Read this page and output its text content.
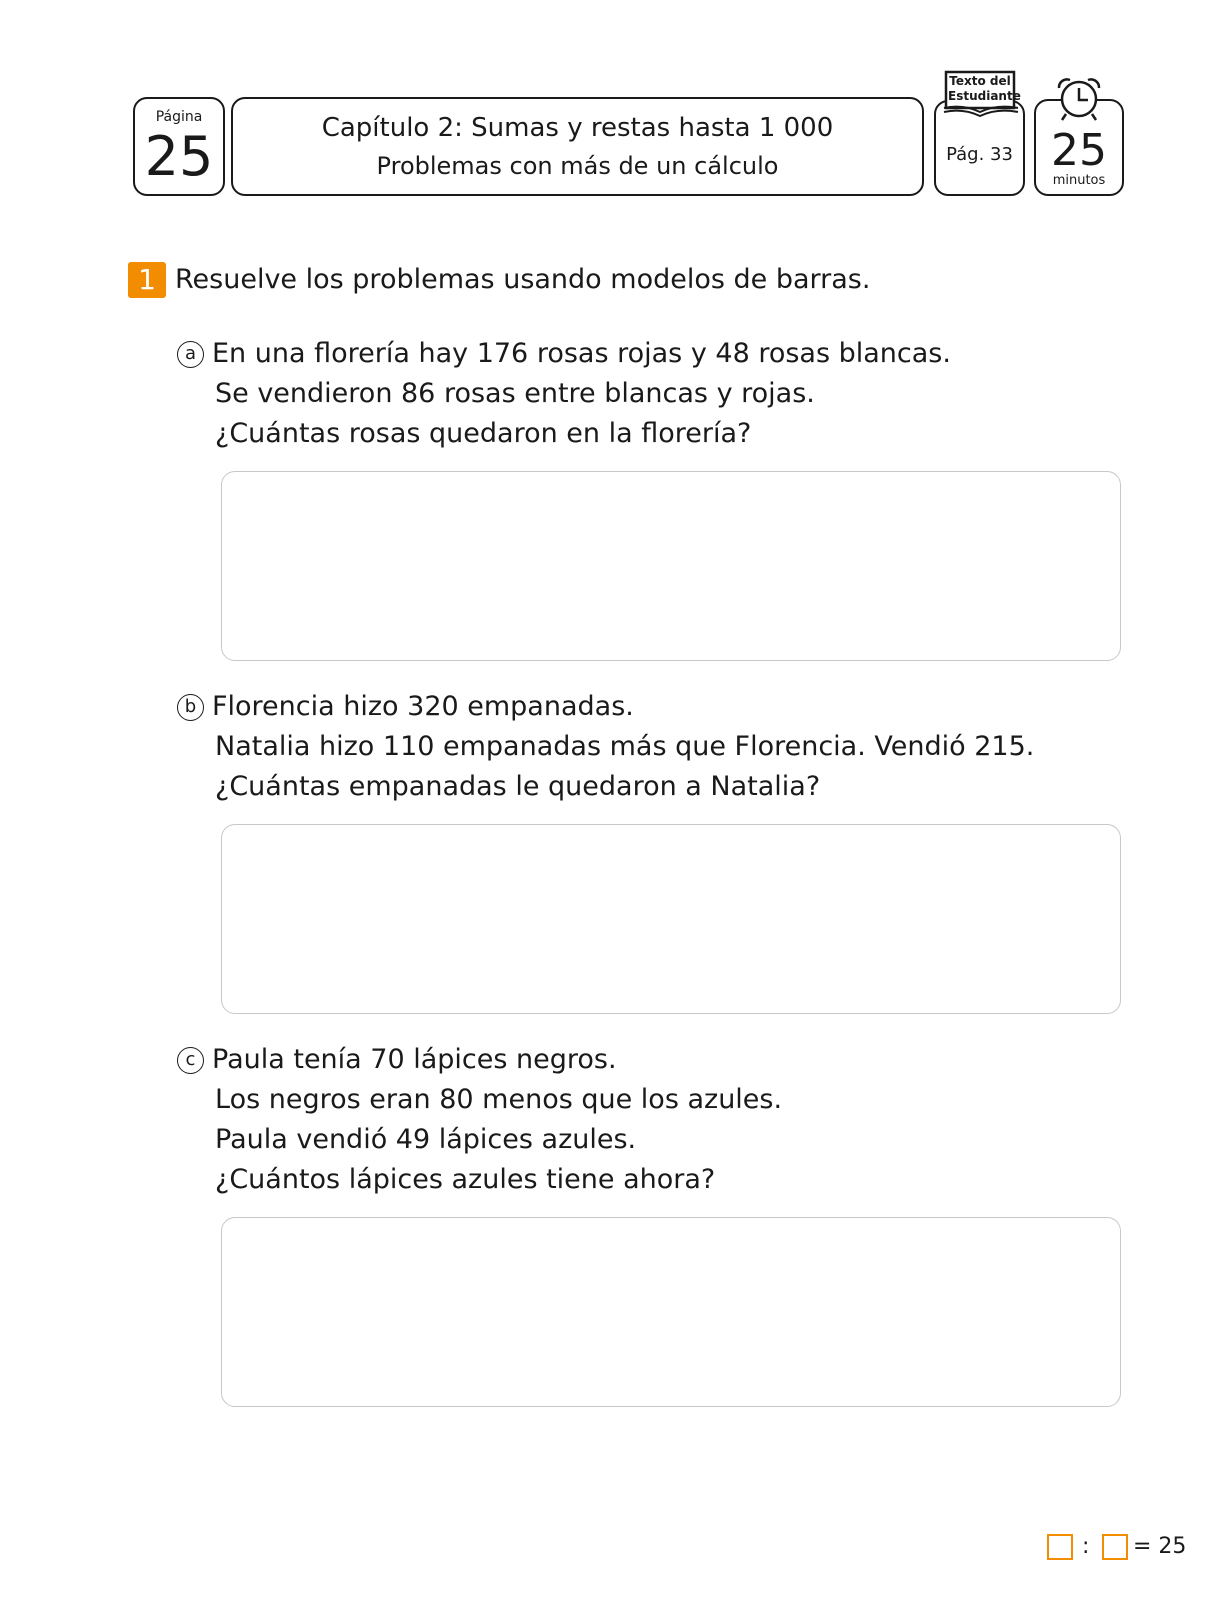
Página
25	Capítulo 2: Sumas y restas hasta 1 000
Problemas con más de un cálculo	Pág. 33
Texto del
Estudiante
25
minutos
1 Resuelve los problemas usando modelos de barras.
a En una florería hay 176 rosas rojas y 48 rosas blancas.
Se vendieron 86 rosas entre blancas y rojas.
¿Cuántas rosas quedaron en la florería?
b Florencia hizo 320 empanadas.
Natalia hizo 110 empanadas más que Florencia. Vendió 215.
¿Cuántas empanadas le quedaron a Natalia?
c Paula tenía 70 lápices negros.
Los negros eran 80 menos que los azules.
Paula vendió 49 lápices azules.
¿Cuántos lápices azules tiene ahora?
: = 25
